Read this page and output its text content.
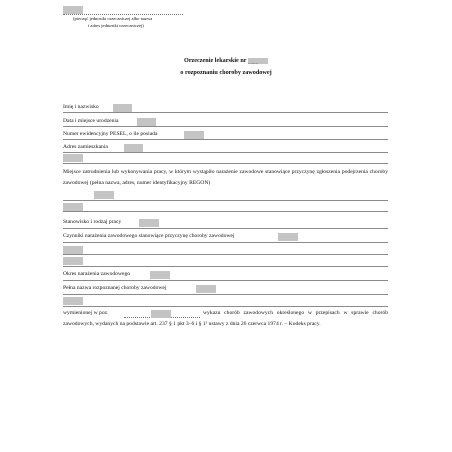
(pieczęć jednostki orzeczniczej albo nazwa
i adres jednostki orzeczniczej)
Orzeczenie lekarskie nr ........
o rozpoznaniu choroby zawodowej
Imię i nazwisko
Data i miejsce urodzenia
Numer ewidencyjny PESEL, o ile posiada
Adres zamieszkania
Miejsce zatrudnienia lub wykonywania pracy, w którym wystąpiło narażenie zawodowe stanowiące przyczynę zgłoszenia podejrzenia choroby zawodowej (pełna nazwa, adres, numer identyfikacyjny REGON)
Stanowisko i rodzaj pracy
Czynniki narażenia zawodowego stanowiące przyczynę choroby zawodowej
Okres narażenia zawodowego
Pełna nazwa rozpoznanej choroby zawodowej
wymienionej w poz.	wykazu chorób zawodowych określonego w przepisach w sprawie chorób zawodowych, wydanych na podstawie art. 237 § 1 pkt 3–6 i § 1¹ ustawy z dnia 26 czerwca 1974 r. – Kodeks pracy.
